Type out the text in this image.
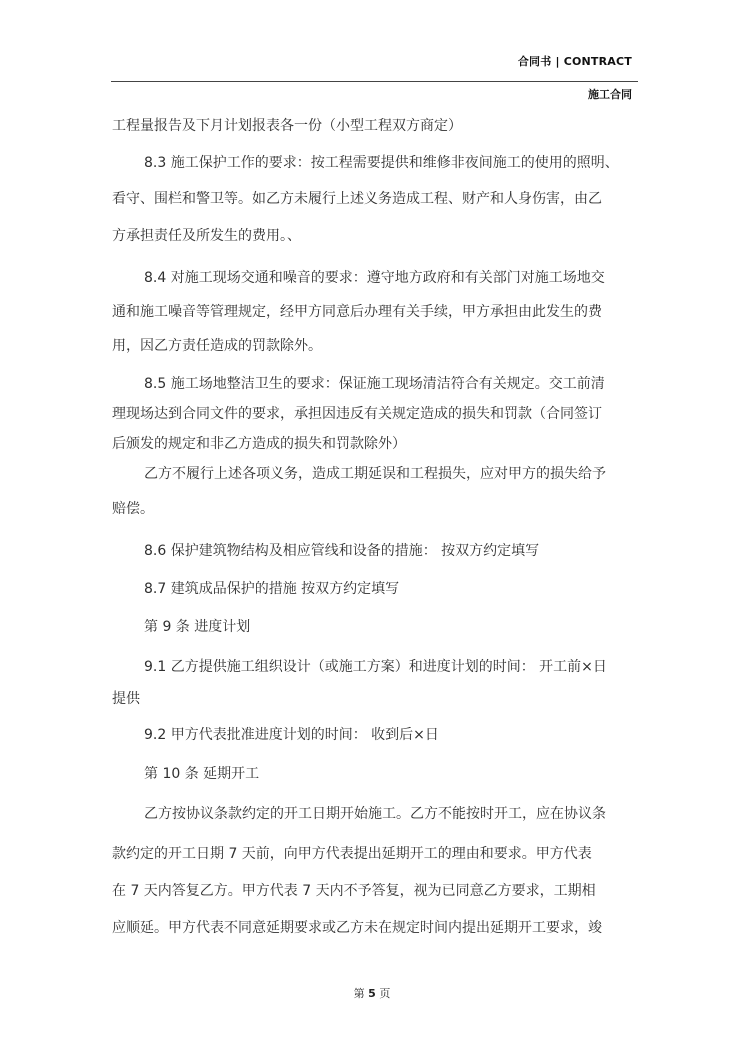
合同书 | CONTRACT
施工合同
工程量报告及下月计划报表各一份（小型工程双方商定）
8.3 施工保护工作的要求：按工程需要提供和维修非夜间施工的使用的照明、
看守、围栏和警卫等。如乙方未履行上述义务造成工程、财产和人身伤害，由乙
方承担责任及所发生的费用。、
8.4 对施工现场交通和噪音的要求：遵守地方政府和有关部门对施工场地交
通和施工噪音等管理规定，经甲方同意后办理有关手续，甲方承担由此发生的费
用，因乙方责任造成的罚款除外。
8.5 施工场地整洁卫生的要求：保证施工现场清洁符合有关规定。交工前清
理现场达到合同文件的要求，承担因违反有关规定造成的损失和罚款（合同签订
后颁发的规定和非乙方造成的损失和罚款除外）
乙方不履行上述各项义务，造成工期延误和工程损失，应对甲方的损失给予
赔偿。
8.6 保护建筑物结构及相应管线和设备的措施： 按双方约定填写
8.7 建筑成品保护的措施 按双方约定填写
第 9 条 进度计划
9.1 乙方提供施工组织设计（或施工方案）和进度计划的时间： 开工前×日
提供
9.2 甲方代表批准进度计划的时间： 收到后×日
第 10 条 延期开工
乙方按协议条款约定的开工日期开始施工。乙方不能按时开工，应在协议条
款约定的开工日期 7 天前，向甲方代表提出延期开工的理由和要求。甲方代表
在 7 天内答复乙方。甲方代表 7 天内不予答复，视为已同意乙方要求，工期相
应顺延。甲方代表不同意延期要求或乙方未在规定时间内提出延期开工要求，竣
第 5 页
